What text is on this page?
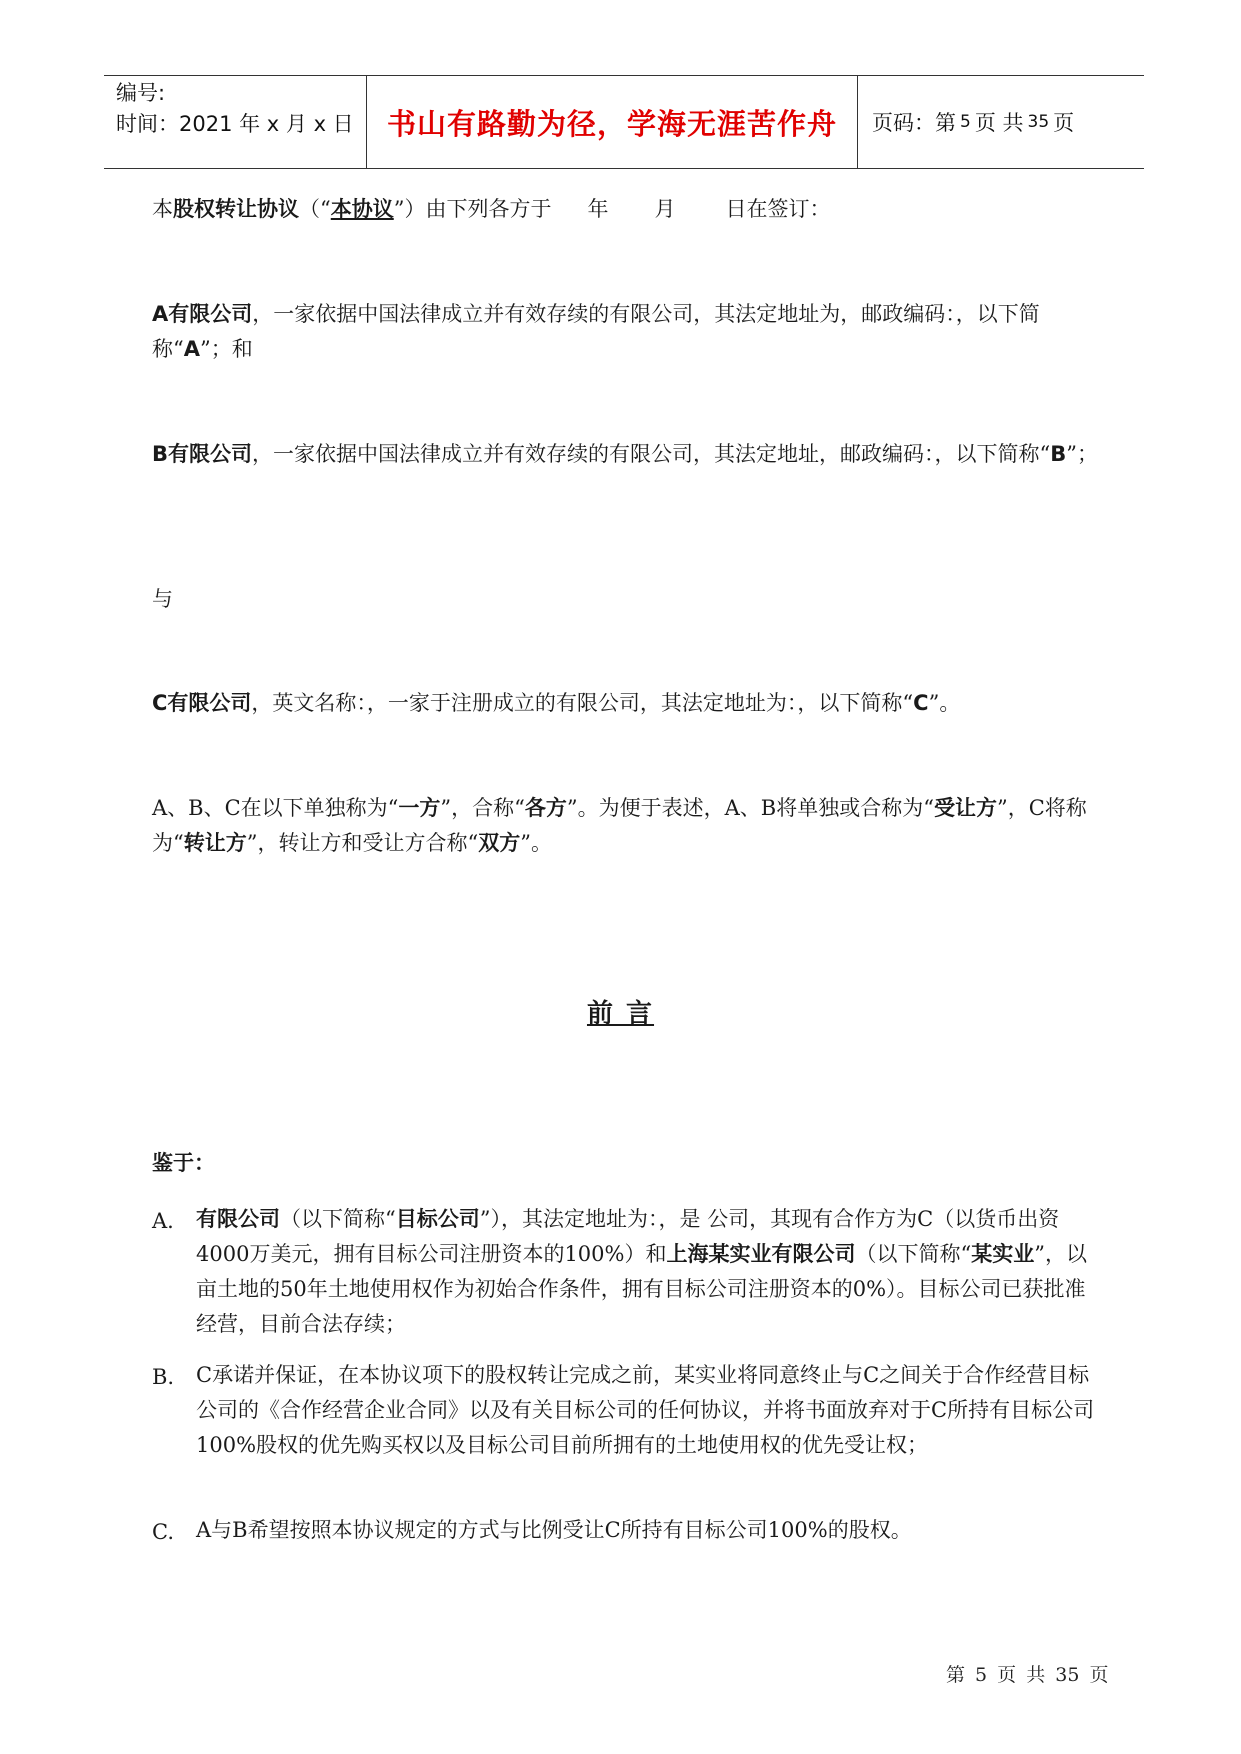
编号:
时间：2021 年 x 月 x 日	书山有路勤为径，学海无涯苦作舟	页码：第 5 页 共 35 页
本股权转让协议（“本协议”）由下列各方于 年 月 日在签订：
A有限公司，一家依据中国法律成立并有效存续的有限公司，其法定地址为，邮政编码：，以下简称“A”；和
B有限公司，一家依据中国法律成立并有效存续的有限公司，其法定地址，邮政编码：，以下简称“B”；
与
C有限公司，英文名称：，一家于注册成立的有限公司，其法定地址为：，以下简称“C”。
A、B、C在以下单独称为“一方”，合称“各方”。为便于表述，A、B将单独或合称为“受让方”，C将称为“转让方”，转让方和受让方合称“双方”。
前 言
鉴于：
A.	有限公司（以下简称“目标公司”），其法定地址为：，是 公司，其现有合作方为C（以货币出资4000万美元，拥有目标公司注册资本的100%）和上海某实业有限公司（以下简称“某实业”，以 亩土地的50年土地使用权作为初始合作条件，拥有目标公司注册资本的0%）。目标公司已获批准经营，目前合法存续；
B.	C承诺并保证，在本协议项下的股权转让完成之前，某实业将同意终止与C之间关于合作经营目标公司的《合作经营企业合同》以及有关目标公司的任何协议，并将书面放弃对于C所持有目标公司100%股权的优先购买权以及目标公司目前所拥有的土地使用权的优先受让权；
C.	A与B希望按照本协议规定的方式与比例受让C所持有目标公司100%的股权。
第 5 页 共 35 页
